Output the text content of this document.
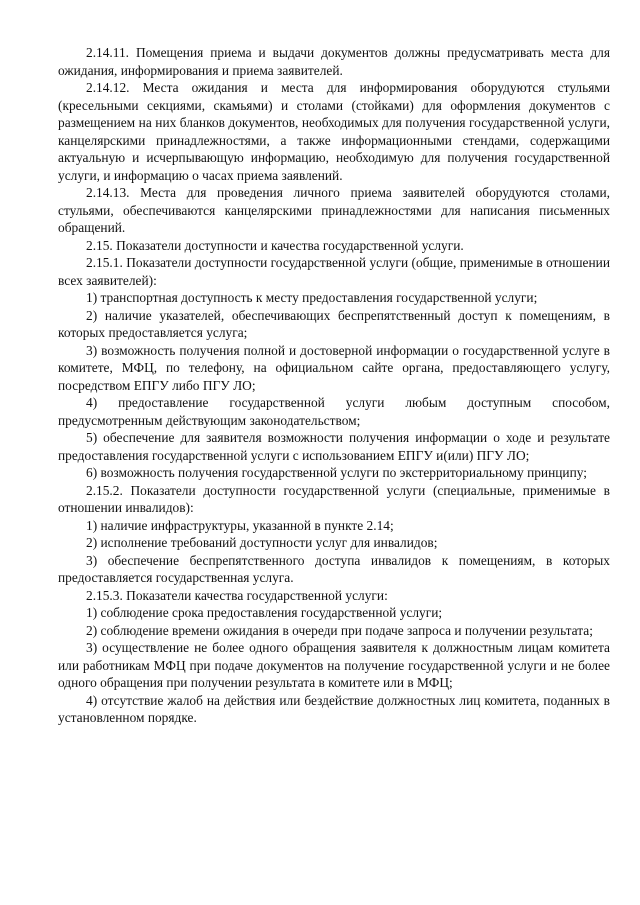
2.14.11. Помещения приема и выдачи документов должны предусматривать места для ожидания, информирования и приема заявителей.

2.14.12. Места ожидания и места для информирования оборудуются стульями (кресельными секциями, скамьями) и столами (стойками) для оформления документов с размещением на них бланков документов, необходимых для получения государственной услуги, канцелярскими принадлежностями, а также информационными стендами, содержащими актуальную и исчерпывающую информацию, необходимую для получения государственной услуги, и информацию о часах приема заявлений.

2.14.13. Места для проведения личного приема заявителей оборудуются столами, стульями, обеспечиваются канцелярскими принадлежностями для написания письменных обращений.

2.15. Показатели доступности и качества государственной услуги.

2.15.1. Показатели доступности государственной услуги (общие, применимые в отношении всех заявителей):

1) транспортная доступность к месту предоставления государственной услуги;

2) наличие указателей, обеспечивающих беспрепятственный доступ к помещениям, в которых предоставляется услуга;

3) возможность получения полной и достоверной информации о государственной услуге в комитете, МФЦ, по телефону, на официальном сайте органа, предоставляющего услугу, посредством ЕПГУ либо ПГУ ЛО;

4) предоставление государственной услуги любым доступным способом, предусмотренным действующим законодательством;

5) обеспечение для заявителя возможности получения информации о ходе и результате предоставления государственной услуги с использованием ЕПГУ и(или) ПГУ ЛО;

6) возможность получения государственной услуги по экстерриториальному принципу;

2.15.2. Показатели доступности государственной услуги (специальные, применимые в отношении инвалидов):

1) наличие инфраструктуры, указанной в пункте 2.14;

2) исполнение требований доступности услуг для инвалидов;

3) обеспечение беспрепятственного доступа инвалидов к помещениям, в которых предоставляется государственная услуга.

2.15.3. Показатели качества государственной услуги:

1) соблюдение срока предоставления государственной услуги;

2) соблюдение времени ожидания в очереди при подаче запроса и получении результата;

3) осуществление не более одного обращения заявителя к должностным лицам комитета или работникам МФЦ при подаче документов на получение государственной услуги и не более одного обращения при получении результата в комитете или в МФЦ;

4) отсутствие жалоб на действия или бездействие должностных лиц комитета, поданных в установленном порядке.
